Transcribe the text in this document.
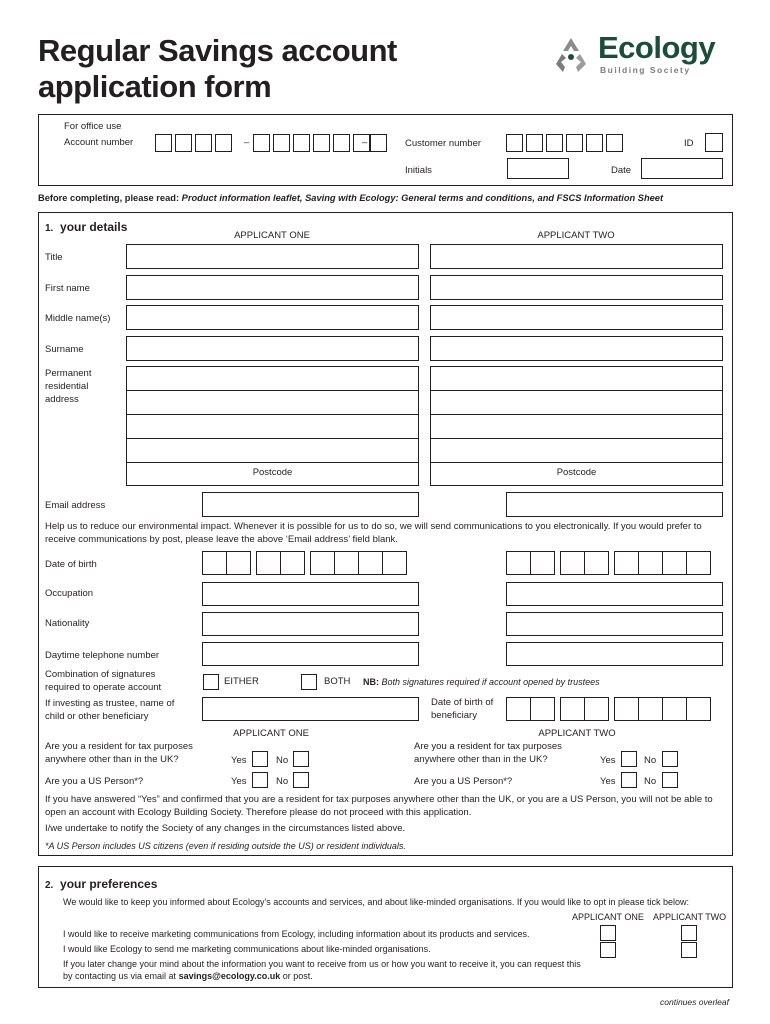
Regular Savings account
application form
Ecology
Building Society
For office use
Account number	–	–	Customer number	ID
Initials	Date
Before completing, please read: Product information leaflet, Saving with Ecology: General terms and conditions, and FSCS Information Sheet
1. your details
APPLICANT ONE	APPLICANT TWO
Title
First name
Middle name(s)
Surname
Permanent residential address
Postcode	Postcode
Email address
Help us to reduce our environmental impact. Whenever it is possible for us to do so, we will send communications to you electronically. If you would prefer to receive communications by post, please leave the above ‘Email address’ field blank.
Date of birth
Occupation
Nationality
Daytime telephone number
Combination of signatures required to operate account
EITHER	BOTH NB: Both signatures required if account opened by trustees
If investing as trustee, name of child or other beneficiary
Date of birth of beneficiary
APPLICANT ONE	APPLICANT TWO
Are you a resident for tax purposes anywhere other than in the UK?	Yes	No
Are you a resident for tax purposes anywhere other than in the UK?	Yes	No
Are you a US Person*?	Yes	No	Are you a US Person*?	Yes	No
If you have answered “Yes” and confirmed that you are a resident for tax purposes anywhere other than the UK, or you are a US Person, you will not be able to open an account with Ecology Building Society. Therefore please do not proceed with this application.
I/we undertake to notify the Society of any changes in the circumstances listed above.
*A US Person includes US citizens (even if residing outside the US) or resident individuals.
2. your preferences
We would like to keep you informed about Ecology’s accounts and services, and about like-minded organisations. If you would like to opt in please tick below:
APPLICANT ONE APPLICANT TWO
I would like to receive marketing communications from Ecology, including information about its products and services.
I would like Ecology to send me marketing communications about like-minded organisations.
If you later change your mind about the information you want to receive from us or how you want to receive it, you can request this by contacting us via email at savings@ecology.co.uk or post.
continues overleaf
